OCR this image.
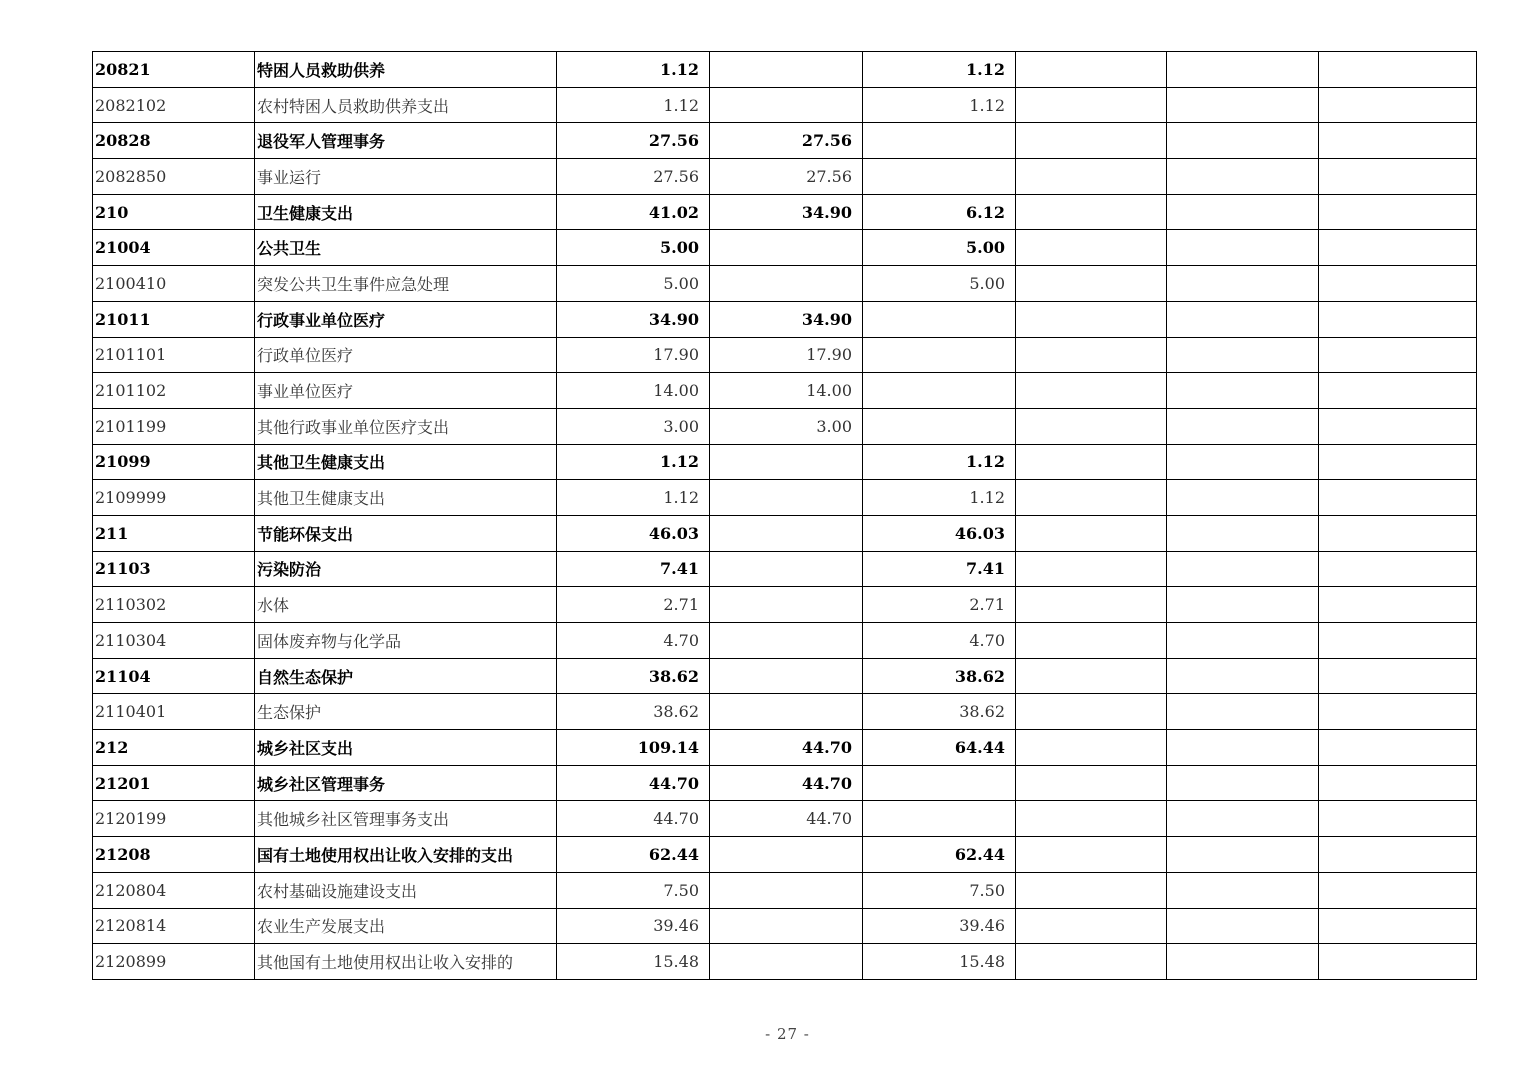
20821	特困人员救助供养	1.12		1.12			
2082102	农村特困人员救助供养支出	1.12		1.12			
20828	退役军人管理事务	27.56	27.56				
2082850	事业运行	27.56	27.56				
210	卫生健康支出	41.02	34.90	6.12			
21004	公共卫生	5.00		5.00			
2100410	突发公共卫生事件应急处理	5.00		5.00			
21011	行政事业单位医疗	34.90	34.90				
2101101	行政单位医疗	17.90	17.90				
2101102	事业单位医疗	14.00	14.00				
2101199	其他行政事业单位医疗支出	3.00	3.00				
21099	其他卫生健康支出	1.12		1.12			
2109999	其他卫生健康支出	1.12		1.12			
211	节能环保支出	46.03		46.03			
21103	污染防治	7.41		7.41			
2110302	水体	2.71		2.71			
2110304	固体废弃物与化学品	4.70		4.70			
21104	自然生态保护	38.62		38.62			
2110401	生态保护	38.62		38.62			
212	城乡社区支出	109.14	44.70	64.44			
21201	城乡社区管理事务	44.70	44.70				
2120199	其他城乡社区管理事务支出	44.70	44.70				
21208	国有土地使用权出让收入安排的支出	62.44		62.44			
2120804	农村基础设施建设支出	7.50		7.50			
2120814	农业生产发展支出	39.46		39.46			
2120899	其他国有土地使用权出让收入安排的	15.48		15.48			
- 27 -
